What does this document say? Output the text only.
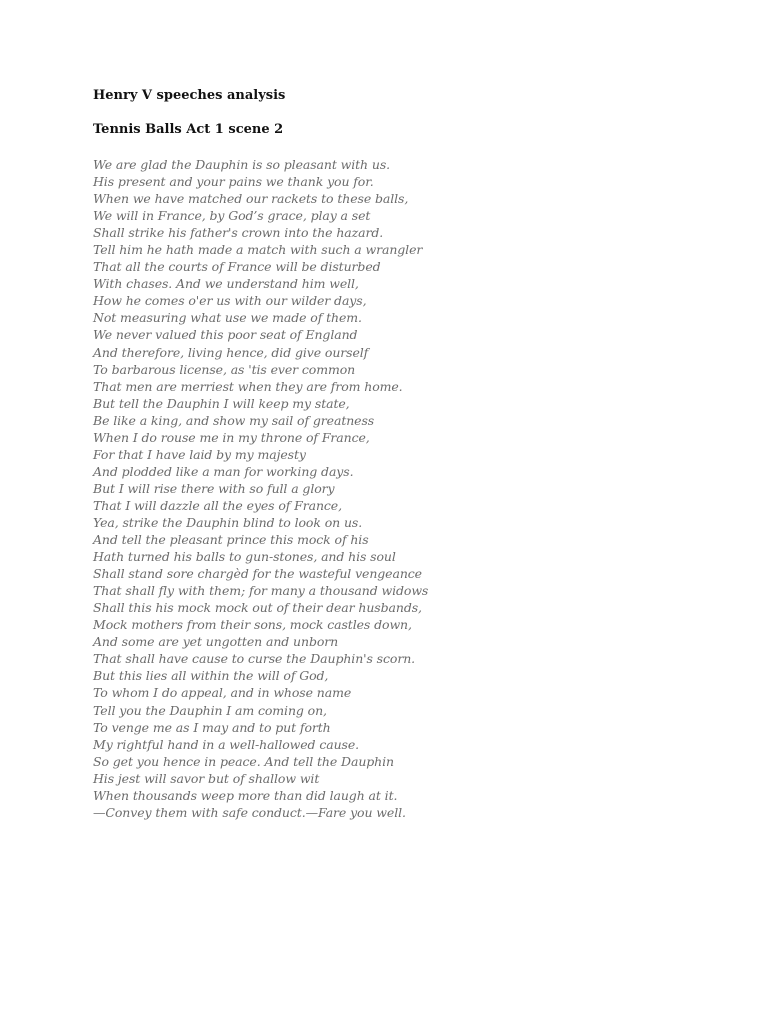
Henry V speeches analysis
Tennis Balls Act 1 scene 2
We are glad the Dauphin is so pleasant with us.
His present and your pains we thank you for.
When we have matched our rackets to these balls,
We will in France, by God’s grace, play a set
Shall strike his father's crown into the hazard.
Tell him he hath made a match with such a wrangler
That all the courts of France will be disturbed
With chases. And we understand him well,
How he comes o'er us with our wilder days,
Not measuring what use we made of them.
We never valued this poor seat of England
And therefore, living hence, did give ourself
To barbarous license, as 'tis ever common
That men are merriest when they are from home.
But tell the Dauphin I will keep my state,
Be like a king, and show my sail of greatness
When I do rouse me in my throne of France,
For that I have laid by my majesty
And plodded like a man for working days.
But I will rise there with so full a glory
That I will dazzle all the eyes of France,
Yea, strike the Dauphin blind to look on us.
And tell the pleasant prince this mock of his
Hath turned his balls to gun-stones, and his soul
Shall stand sore chargèd for the wasteful vengeance
That shall fly with them; for many a thousand widows
Shall this his mock mock out of their dear husbands,
Mock mothers from their sons, mock castles down,
And some are yet ungotten and unborn
That shall have cause to curse the Dauphin's scorn.
But this lies all within the will of God,
To whom I do appeal, and in whose name
Tell you the Dauphin I am coming on,
To venge me as I may and to put forth
My rightful hand in a well-hallowed cause.
So get you hence in peace. And tell the Dauphin
His jest will savor but of shallow wit
When thousands weep more than did laugh at it.
—Convey them with safe conduct.—Fare you well.
